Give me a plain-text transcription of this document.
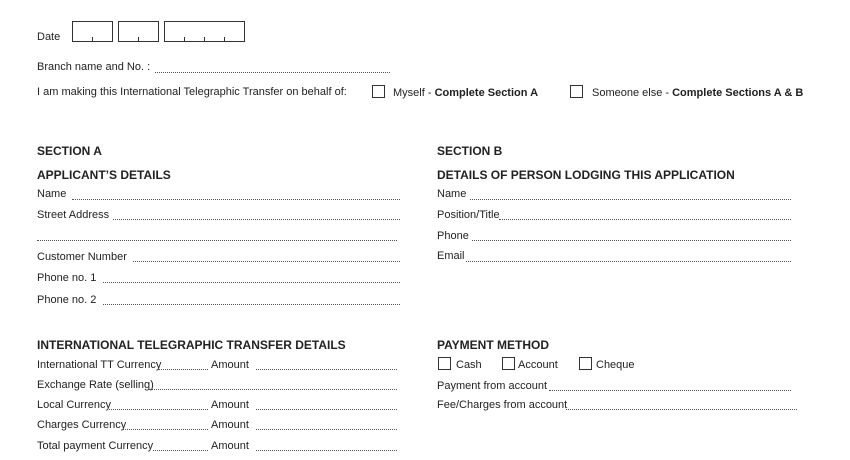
Date
Branch name and No. :
I am making this International Telegraphic Transfer on behalf of:	Myself - Complete Section A	Someone else - Complete Sections A & B
SECTION A
APPLICANT’S DETAILS
Name
Street Address
Customer Number
Phone no. 1
Phone no. 2
SECTION B
DETAILS OF PERSON LODGING THIS APPLICATION
Name
Position/Title
Phone
Email
INTERNATIONAL TELEGRAPHIC TRANSFER DETAILS
International TT Currency	Amount
Exchange Rate (selling)
Local Currency	Amount
Charges Currency	Amount
Total payment Currency	Amount
PAYMENT METHOD
Cash	Account	Cheque
Payment from account
Fee/Charges from account
